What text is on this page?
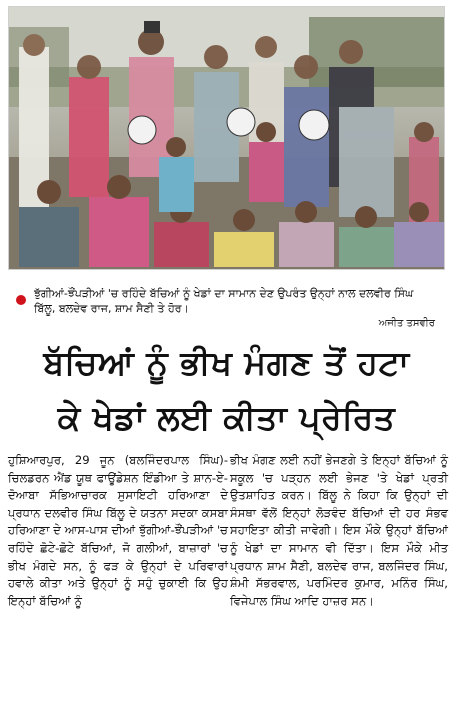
ਝੁੱਗੀਆਂ-ਝੌਂਪੜੀਆਂ 'ਚ ਰਹਿੰਦੇ ਬੱਚਿਆਂ ਨੂੰ ਖੇਡਾਂ ਦਾ ਸਾਮਾਨ ਦੇਣ ਉਪਰੰਤ ਉਨ੍ਹਾਂ ਨਾਲ ਦਲਵੀਰ ਸਿੰਘ ਬਿੱਲੂ, ਬਲਦੇਵ ਰਾਜ, ਸ਼ਾਮ ਸੈਣੀ ਤੇ ਹੋਰ।
ਅਜੀਤ ਤਸਵੀਰ
ਬੱਚਿਆਂ ਨੂੰ ਭੀਖ ਮੰਗਣ ਤੋਂ ਹਟਾ
ਕੇ ਖੇਡਾਂ ਲਈ ਕੀਤਾ ਪ੍ਰੇਰਿਤ

ਹੁਸ਼ਿਆਰਪੁਰ, 29 ਜੂਨ (ਬਲਜਿੰਦਰਪਾਲ ਸਿੰਘ)-ਚਿਲਡਰਨ ਐਂਡ ਯੂਥ ਫਾਊਂਡੇਸ਼ਨ ਇੰਡੀਆ ਤੇ ਸ਼ਾਨ-ਏ-ਦੋਆਬਾ ਸੱਭਿਆਚਾਰਕ ਸੁਸਾਇਟੀ ਹਰਿਆਣਾ ਦੇ ਪ੍ਰਧਾਨ ਦਲਵੀਰ ਸਿੰਘ ਬਿੱਲੂ ਦੇ ਯਤਨਾ ਸਦਕਾ ਕਸਬਾ ਹਰਿਆਣਾ ਦੇ ਆਸ-ਪਾਸ ਦੀਆਂ ਝੁੱਗੀਆਂ-ਝੌਂਪੜੀਆਂ 'ਚ ਰਹਿੰਦੇ ਛੋਟੇ-ਛੋਟੇ ਬੱਚਿਆਂ, ਜੋ ਗਲੀਆਂ, ਬਾਜ਼ਾਰਾਂ 'ਚ ਭੀਖ ਮੰਗਦੇ ਸਨ, ਨੂੰ ਫੜ ਕੇ ਉਨ੍ਹਾਂ ਦੇ ਪਰਿਵਾਰਾਂ ਹਵਾਲੇ ਕੀਤਾ ਅਤੇ ਉਨ੍ਹਾਂ ਨੂੰ ਸਹੁੰ ਚੁਕਾਈ ਕਿ ਉਹ ਇਨ੍ਹਾਂ ਬੱਚਿਆਂ ਨੂੰ

ਭੀਖ ਮੰਗਣ ਲਈ ਨਹੀਂ ਭੇਜਣਗੇ ਤੇ ਇਨ੍ਹਾਂ ਬੱਚਿਆਂ ਨੂੰ ਸਕੂਲ 'ਚ ਪੜ੍ਹਨ ਲਈ ਭੇਜਣ 'ਤੇ ਖੇਡਾਂ ਪ੍ਰਤੀ ਉਤਸ਼ਾਹਿਤ ਕਰਨ। ਬਿੱਲੂ ਨੇ ਕਿਹਾ ਕਿ ਉਨ੍ਹਾਂ ਦੀ ਸੰਸਥਾ ਵੱਲੋਂ ਇਨ੍ਹਾਂ ਲੋੜਵੰਦ ਬੱਚਿਆਂ ਦੀ ਹਰ ਸੰਭਵ ਸਹਾਇਤਾ ਕੀਤੀ ਜਾਵੇਗੀ। ਇਸ ਮੌਕੇ ਉਨ੍ਹਾਂ ਬੱਚਿਆਂ ਨੂੰ ਖੇਡਾਂ ਦਾ ਸਾਮਾਨ ਵੀ ਦਿੱਤਾ। ਇਸ ਮੌਕੇ ਮੀਤ ਪ੍ਰਧਾਨ ਸ਼ਾਮ ਸੈਣੀ, ਬਲਦੇਵ ਰਾਜ, ਬਲਜਿੰਦਰ ਸਿੰਘ, ਸ਼ੰਮੀ ਸੱਭਰਵਾਲ, ਪਰਮਿੰਦਰ ਕੁਮਾਰ, ਮਨਿੰਰ ਸਿੰਘ, ਵਿਜੇਪਾਲ ਸਿੰਘ ਆਦਿ ਹਾਜ਼ਰ ਸਨ।
